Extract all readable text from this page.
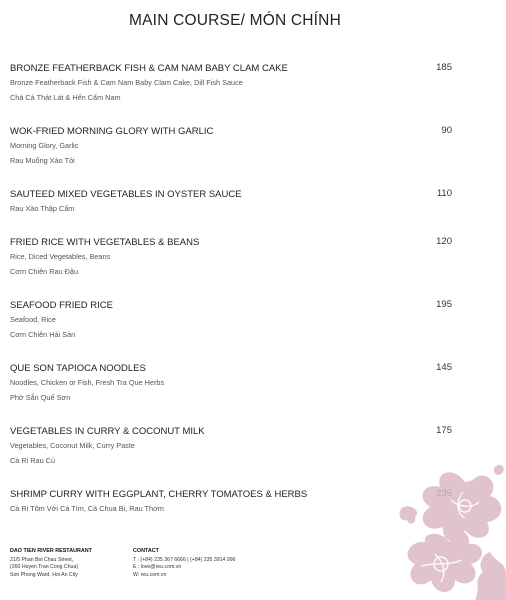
MAIN COURSE/ MÓN CHÍNH
BRONZE FEATHERBACK FISH & CAM NAM BABY CLAM CAKE
Bronze Featherback Fish & Cam Nam Baby Clam Cake, Dill Fish Sauce
Chả Cá Thát Lát & Hến Cẩm Nam
185
WOK-FRIED MORNING GLORY WITH GARLIC
Morning Glory, Garlic
Rau Muống Xào Tỏi
90
SAUTEED MIXED VEGETABLES IN OYSTER SAUCE
Rau Xào Thập Cẩm
110
FRIED RICE WITH VEGETABLES & BEANS
Rice, Diced Vegetables, Beans
Cơm Chiên Rau Đậu
120
SEAFOOD FRIED RICE
Seafood, Rice
Cơm Chiên Hải Sản
195
QUE SON TAPIOCA NOODLES
Noodles, Chicken or Fish, Fresh Tra Que Herbs
Phở Sắn Quế Sơn
145
VEGETABLES IN CURRY & COCONUT MILK
Vegetables, Coconut Milk, Curry Paste
Cà Ri Rau Củ
175
SHRIMP CURRY WITH EGGPLANT, CHERRY TOMATOES & HERBS
Cà Ri Tôm Với Cà Tím, Cà Chua Bi, Rau Thơm
DAO TIEN RIVER RESTAURANT
21/5 Phan Boi Chau Street,
(260 Huyen Tran Cong Chua)
Son Phong Ward, Hoi An City
CONTACT
T : (+84) 235 367 6666 | (+84) 235 3914 996
E : love@reu.com.vn
W: reu.com.vn
